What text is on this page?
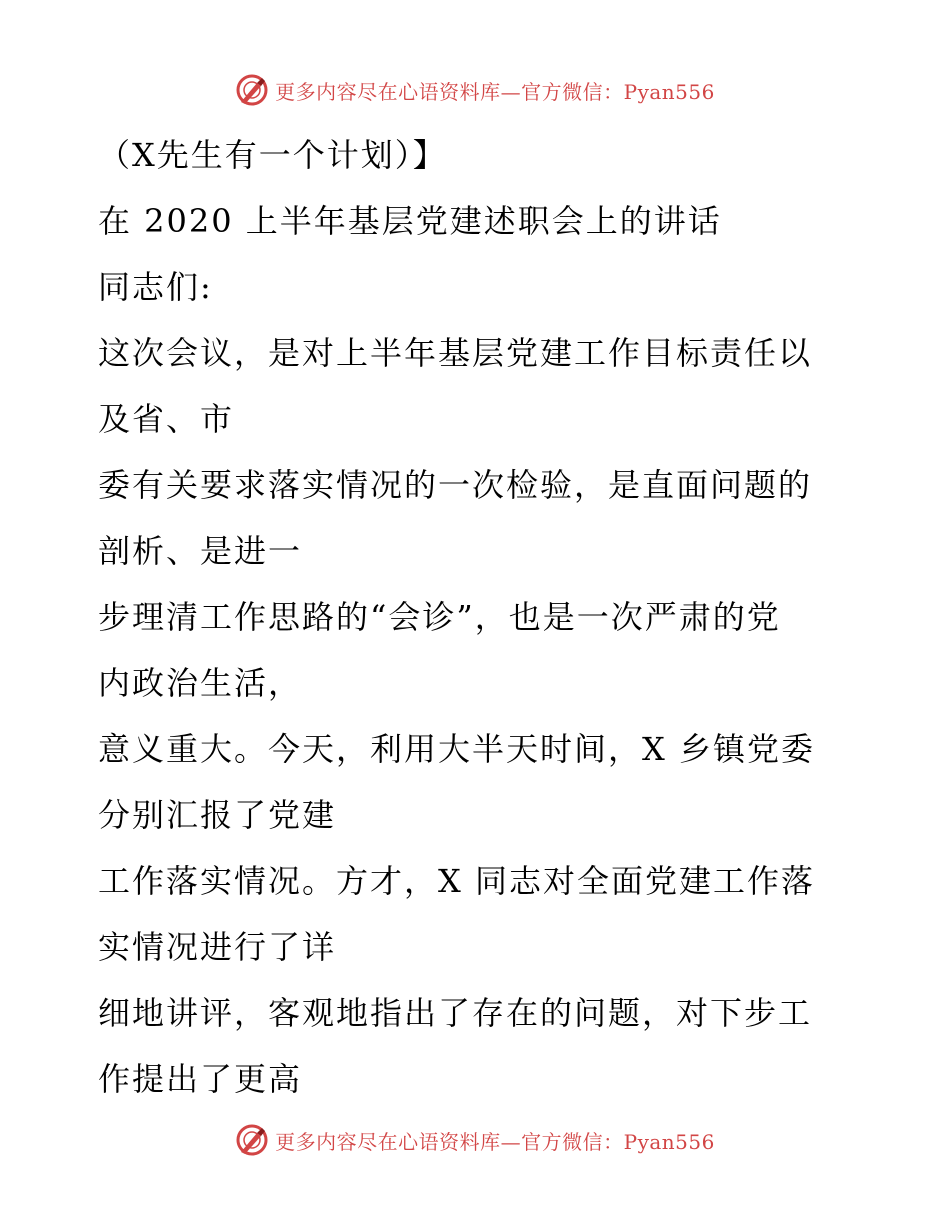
更多内容尽在心语资料库—官方微信：Pyan556

（X先生有一个计划）】

在 2020 上半年基层党建述职会上的讲话

同志们:

这次会议，是对上半年基层党建工作目标责任以

及省、市

委有关要求落实情况的一次检验，是直面问题的

剖析、是进一

步理清工作思路的“会诊”，也是一次严肃的党

内政治生活，

意义重大。今天，利用大半天时间，X 乡镇党委

分别汇报了党建

工作落实情况。方才，X 同志对全面党建工作落

实情况进行了详

细地讲评，客观地指出了存在的问题，对下步工

作提出了更高

更多内容尽在心语资料库—官方微信：Pyan556
